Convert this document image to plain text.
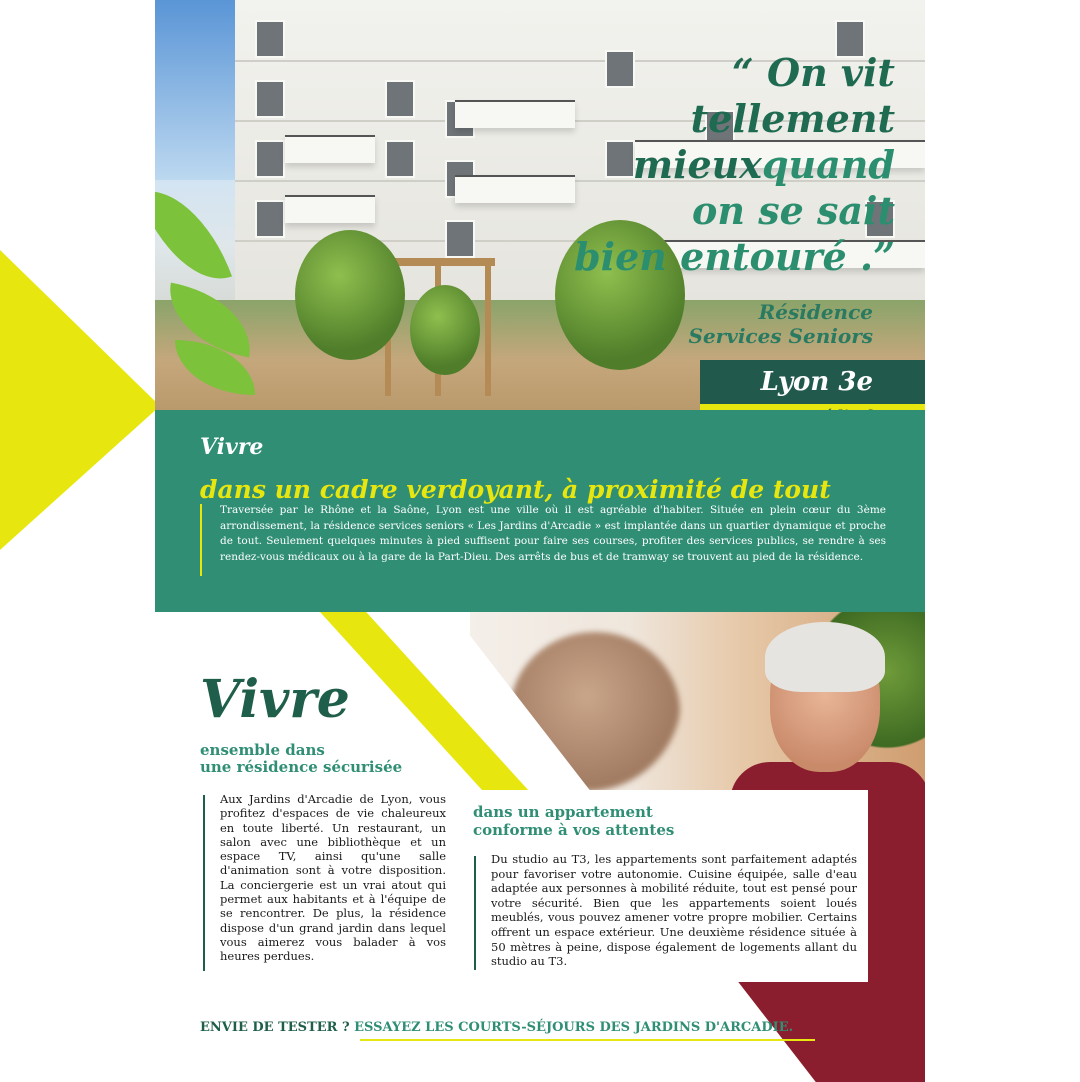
“ On vit tellement
mieuxquand
on se sait
bien entouré .”
Résidence
Services Seniors
Lyon 3e
Vivre
dans un cadre verdoyant, à proximité de tout
Traversée par le Rhône et la Saône, Lyon est une ville où il est agréable d'habiter. Située en plein cœur du 3ème arrondissement, la résidence services seniors « Les Jardins d'Arcadie » est implantée dans un quartier dynamique et proche de tout. Seulement quelques minutes à pied suffisent pour faire ses courses, profiter des services publics, se rendre à ses rendez-vous médicaux ou à la gare de la Part-Dieu. Des arrêts de bus et de tramway se trouvent au pied de la résidence.
Vivre
ensemble dans
une résidence sécurisée
Aux Jardins d'Arcadie de Lyon, vous profitez d'espaces de vie chaleureux en toute liberté. Un restaurant, un salon avec une bibliothèque et un espace TV, ainsi qu'une salle d'animation sont à votre disposition. La conciergerie est un vrai atout qui permet aux habitants et à l'équipe de se rencontrer. De plus, la résidence dispose d'un grand jardin dans lequel vous aimerez vous balader à vos heures perdues.
dans un appartement
conforme à vos attentes
Du studio au T3, les appartements sont parfaitement adaptés pour favoriser votre autonomie. Cuisine équipée, salle d'eau adaptée aux personnes à mobilité réduite, tout est pensé pour votre sécurité. Bien que les appartements soient loués meublés, vous pouvez amener votre propre mobilier. Certains offrent un espace extérieur. Une deuxième résidence située à 50 mètres à peine, dispose également de logements allant du studio au T3.
ENVIE DE TESTER ? ESSAYEZ LES COURTS-SÉJOURS DES JARDINS D'ARCADIE.
